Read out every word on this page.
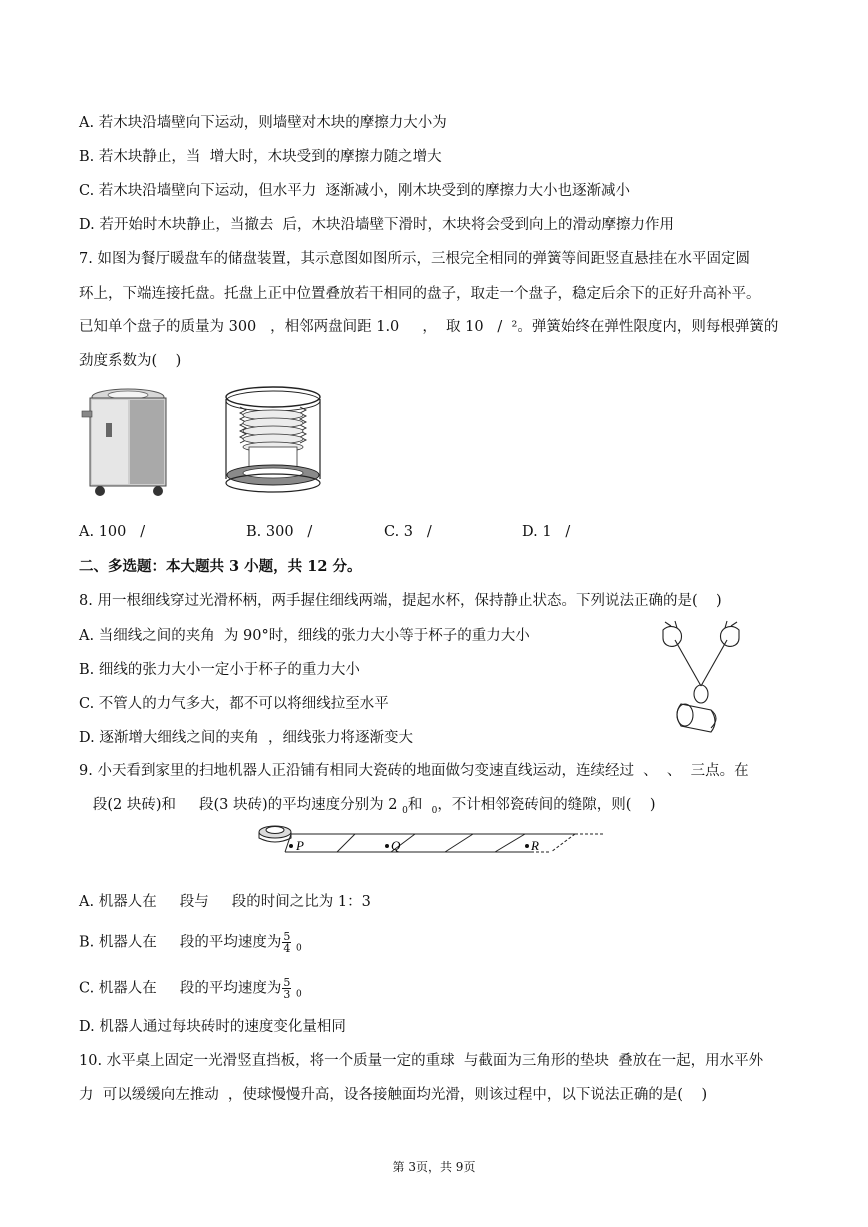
A. 若木块沿墙壁向下运动，则墙壁对木块的摩擦力大小为
B. 若木块静止，当  增大时，木块受到的摩擦力随之增大
C. 若木块沿墙壁向下运动，但水平力  逐渐减小，刚木块受到的摩擦力大小也逐渐减小
D. 若开始时木块静止，当撤去  后，木块沿墙壁下滑时，木块将会受到向上的滑动摩擦力作用
7. 如图为餐厅暖盘车的储盘装置，其示意图如图所示，三根完全相同的弹簧等间距竖直悬挂在水平固定圆
环上，下端连接托盘。托盘上正中位置叠放若干相同的盘子，取走一个盘子，稳定后余下的正好升高补平。
已知单个盘子的质量为 300   ，相邻两盘间距 1.0     ，  取 10   /  ²。弹簧始终在弹性限度内，则每根弹簧的
劲度系数为(    )
A. 100   /	B. 300   /	C. 3   /	D. 1   /
二、多选题：本大题共 3 小题，共 12 分。
8. 用一根细线穿过光滑杯柄，两手握住细线两端，提起水杯，保持静止状态。下列说法正确的是(    )
A. 当细线之间的夹角  为 90°时，细线的张力大小等于杯子的重力大小
B. 细线的张力大小一定小于杯子的重力大小
C. 不管人的力气多大，都不可以将细线拉至水平
D. 逐渐增大细线之间的夹角  ，细线张力将逐渐变大
9. 小天看到家里的扫地机器人正沿铺有相同大瓷砖的地面做匀变速直线运动，连续经过  、  、  三点。在
段(2 块砖)和     段(3 块砖)的平均速度分别为 2 $_0$和  $_0$，不计相邻瓷砖间的缝隙，则(    )
P	Q	R
A. 机器人在     段与     段的时间之比为 1：3
B. 机器人在     段的平均速度为 $\frac{5}{4} _0$
C. 机器人在     段的平均速度为 $\frac{5}{3} _0$
D. 机器人通过每块砖时的速度变化量相同
10. 水平桌上固定一光滑竖直挡板，将一个质量一定的重球  与截面为三角形的垫块  叠放在一起，用水平外
力  可以缓缓向左推动  ，使球慢慢升高，设各接触面均光滑，则该过程中，以下说法正确的是(    )
第 3页，共 9页
